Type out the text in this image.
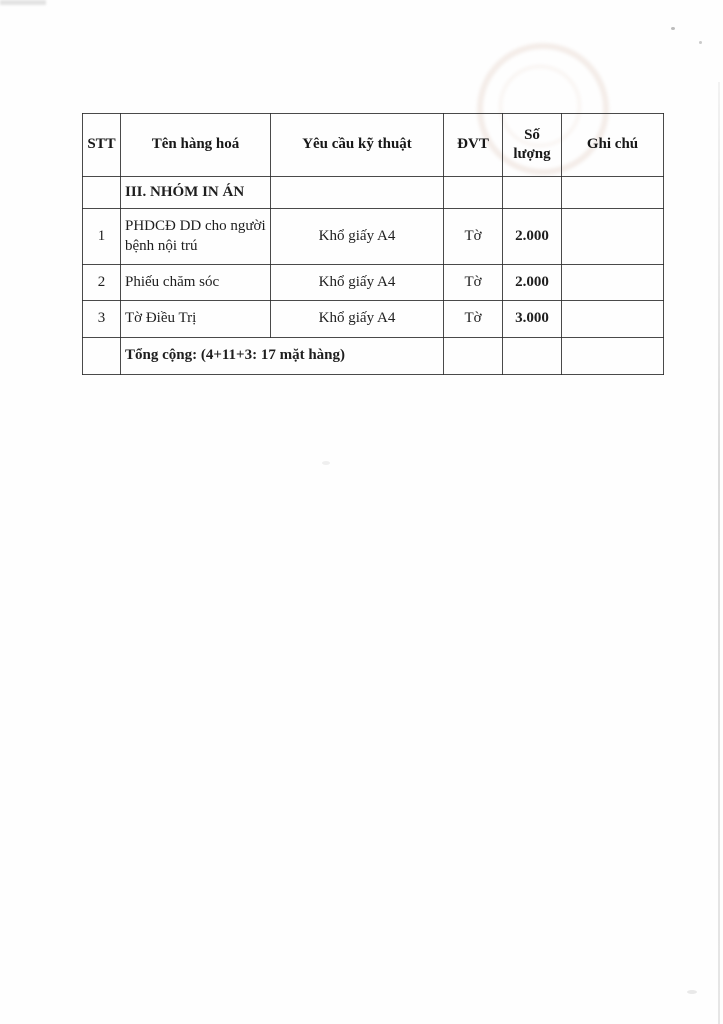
STT	Tên hàng hoá	Yêu cầu kỹ thuật	ĐVT	Số lượng	Ghi chú
	III. NHÓM IN ÁN				
1	PHDCĐ DD cho người bệnh nội trú	Khổ giấy A4	Tờ	2.000	
2	Phiếu chăm sóc	Khổ giấy A4	Tờ	2.000	
3	Tờ Điều Trị	Khổ giấy A4	Tờ	3.000	
	Tổng cộng: (4+11+3: 17 mặt hàng)				
